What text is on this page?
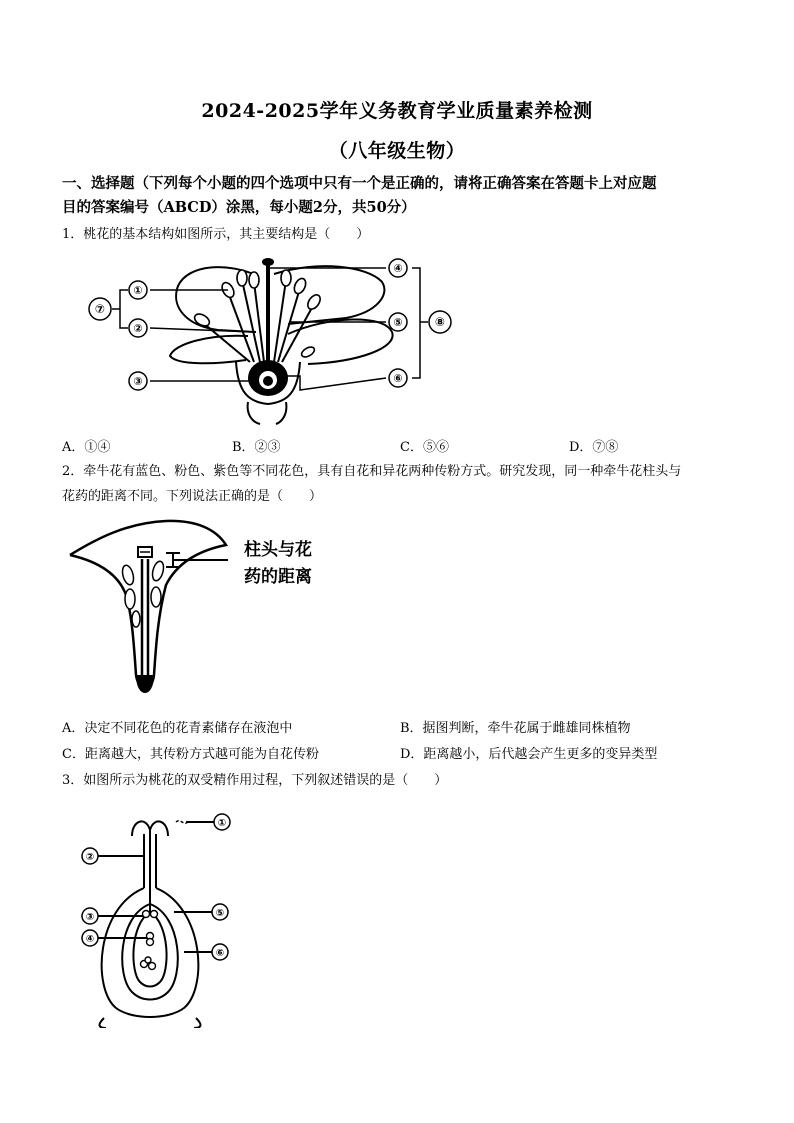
2024-2025学年义务教育学业质量素养检测
（八年级生物）
一、选择题（下列每个小题的四个选项中只有一个是正确的，请将正确答案在答题卡上对应题
目的答案编号（ABCD）涂黑，每小题2分，共50分）
1．桃花的基本结构如图所示，其主要结构是（　　）
①
②
③
④
⑤
⑥
⑦
⑧
A．①④	B．②③	C．⑤⑥	D．⑦⑧
2．牵牛花有蓝色、粉色、紫色等不同花色，具有自花和异花两种传粉方式。研究发现，同一种牵牛花柱头与
花药的距离不同。下列说法正确的是（　　）
柱头与花
药的距离
A．决定不同花色的花青素储存在液泡中	B．据图判断，牵牛花属于雌雄同株植物
C．距离越大，其传粉方式越可能为自花传粉	D．距离越小，后代越会产生更多的变异类型
3．如图所示为桃花的双受精作用过程，下列叙述错误的是（　　）
①
②
③
④
⑤
⑥
